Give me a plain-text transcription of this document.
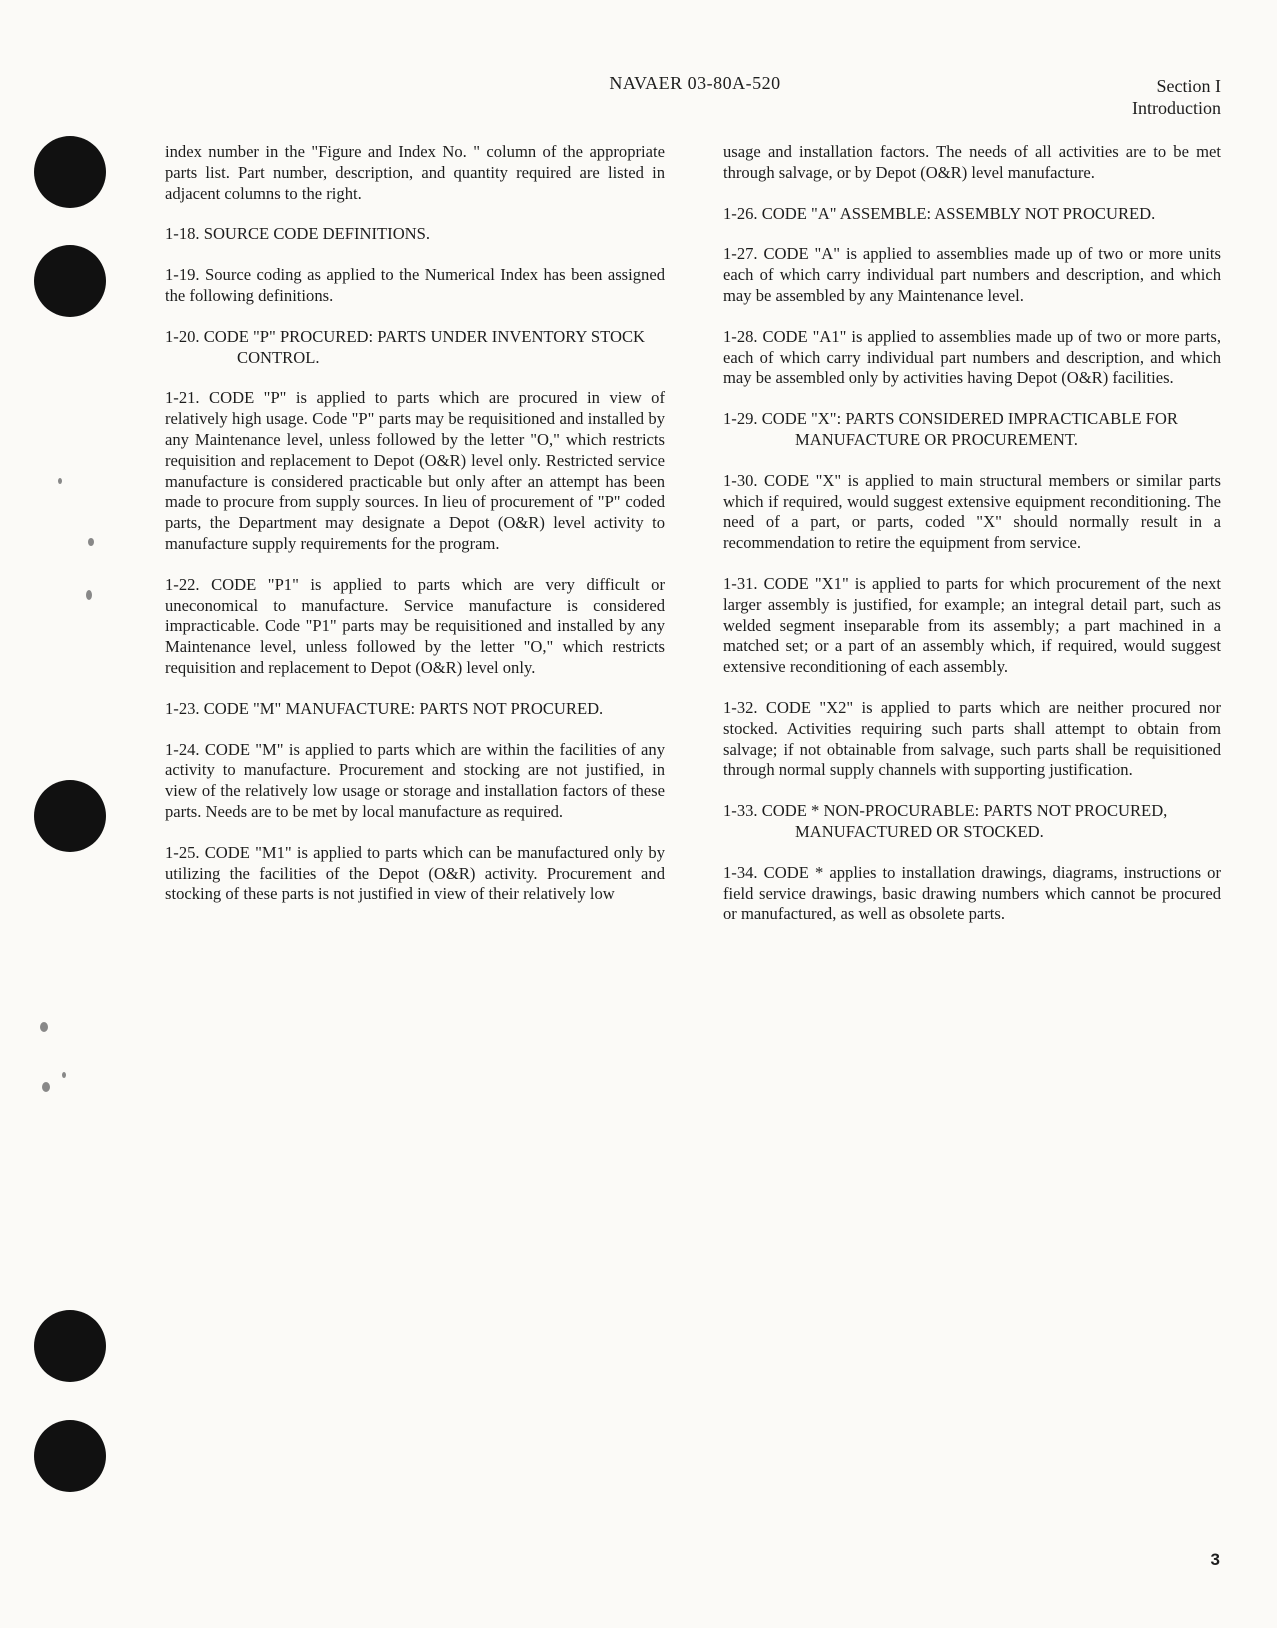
NAVAER 03-80A-520	Section I
Introduction

index number in the "Figure and Index No. " column of the appropriate parts list. Part number, description, and quantity required are listed in adjacent columns to the right.

1-18. SOURCE CODE DEFINITIONS.

1-19. Source coding as applied to the Numerical Index has been assigned the following definitions.

1-20. CODE "P" PROCURED: PARTS UNDER INVENTORY STOCK CONTROL.

1-21. CODE "P" is applied to parts which are procured in view of relatively high usage. Code "P" parts may be requisitioned and installed by any Maintenance level, unless followed by the letter "O," which restricts requisition and replacement to Depot (O&R) level only. Restricted service manufacture is considered practicable but only after an attempt has been made to procure from supply sources. In lieu of procurement of "P" coded parts, the Department may designate a Depot (O&R) level activity to manufacture supply requirements for the program.

1-22. CODE "P1" is applied to parts which are very difficult or uneconomical to manufacture. Service manufacture is considered impracticable. Code "P1" parts may be requisitioned and installed by any Maintenance level, unless followed by the letter "O," which restricts requisition and replacement to Depot (O&R) level only.

1-23. CODE "M" MANUFACTURE: PARTS NOT PROCURED.

1-24. CODE "M" is applied to parts which are within the facilities of any activity to manufacture. Procurement and stocking are not justified, in view of the relatively low usage or storage and installation factors of these parts. Needs are to be met by local manufacture as required.

1-25. CODE "M1" is applied to parts which can be manufactured only by utilizing the facilities of the Depot (O&R) activity. Procurement and stocking of these parts is not justified in view of their relatively low

usage and installation factors. The needs of all activities are to be met through salvage, or by Depot (O&R) level manufacture.

1-26. CODE "A" ASSEMBLE: ASSEMBLY NOT PROCURED.

1-27. CODE "A" is applied to assemblies made up of two or more units each of which carry individual part numbers and description, and which may be assembled by any Maintenance level.

1-28. CODE "A1" is applied to assemblies made up of two or more parts, each of which carry individual part numbers and description, and which may be assembled only by activities having Depot (O&R) facilities.

1-29. CODE "X": PARTS CONSIDERED IMPRACTICABLE FOR MANUFACTURE OR PROCUREMENT.

1-30. CODE "X" is applied to main structural members or similar parts which if required, would suggest extensive equipment reconditioning. The need of a part, or parts, coded "X" should normally result in a recommendation to retire the equipment from service.

1-31. CODE "X1" is applied to parts for which procurement of the next larger assembly is justified, for example; an integral detail part, such as welded segment inseparable from its assembly; a part machined in a matched set; or a part of an assembly which, if required, would suggest extensive reconditioning of each assembly.

1-32. CODE "X2" is applied to parts which are neither procured nor stocked. Activities requiring such parts shall attempt to obtain from salvage; if not obtainable from salvage, such parts shall be requisitioned through normal supply channels with supporting justification.

1-33. CODE * NON-PROCURABLE: PARTS NOT PROCURED, MANUFACTURED OR STOCKED.

1-34. CODE * applies to installation drawings, diagrams, instructions or field service drawings, basic drawing numbers which cannot be procured or manufactured, as well as obsolete parts.

3
